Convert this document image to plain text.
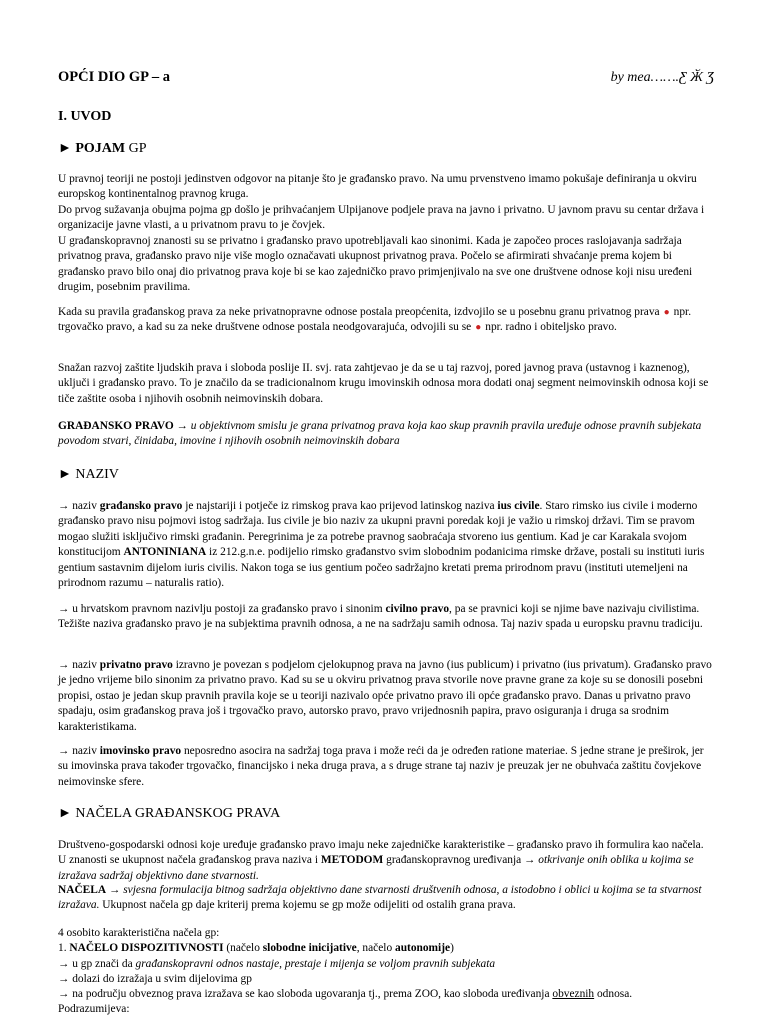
OPĆI DIO GP – a	by mea…….Ƹ Ӂ Ʒ
I. UVOD
► POJAM GP

U pravnoj teoriji ne postoji jedinstven odgovor na pitanje što je građansko pravo. Na umu prvenstveno imamo pokušaje definiranja u okviru europskog kontinentalnog pravnog kruga.

Do prvog sužavanja obujma pojma gp došlo je prihvaćanjem Ulpijanove podjele prava na javno i privatno. U javnom pravu su centar država i organizacije javne vlasti, a u privatnom pravu to je čovjek.

U građanskopravnoj znanosti su se privatno i građansko pravo upotrebljavali kao sinonimi. Kada je započeo proces raslojavanja sadržaja privatnog prava, građansko pravo nije više moglo označavati ukupnost privatnog prava. Počelo se afirmirati shvaćanje prema kojem bi građansko pravo bilo onaj dio privatnog prava koje bi se kao zajedničko pravo primjenjivalo na sve one društvene odnose koji nisu uređeni drugim, posebnim pravilima.

Kada su pravila građanskog prava za neke privatnopravne odnose postala preopćenita, izdvojilo se u posebnu granu privatnog prava ● npr. trgovačko pravo, a kad su za neke društvene odnose postala neodgovarajuća, odvojili su se ● npr. radno i obiteljsko pravo.

Snažan razvoj zaštite ljudskih prava i sloboda poslije II. svj. rata zahtjevao je da se u taj razvoj, pored javnog prava (ustavnog i kaznenog), uključi i građansko pravo. To je značilo da se tradicionalnom krugu imovinskih odnosa mora dodati onaj segment neimovinskih odnosa koji se tiče zaštite osoba i njihovih osobnih neimovinskih dobara.

GRAĐANSKO PRAVO → u objektivnom smislu je grana privatnog prava koja kao skup pravnih pravila uređuje odnose pravnih subjekata povodom stvari, činidaba, imovine i njihovih osobnih neimovinskih dobara

► NAZIV

→ naziv građansko pravo je najstariji i potječe iz rimskog prava kao prijevod latinskog naziva ius civile. Staro rimsko ius civile i moderno građansko pravo nisu pojmovi istog sadržaja. Ius civile je bio naziv za ukupni pravni poredak koji je važio u rimskoj državi. Tim se pravom mogao služiti isključivo rimski građanin. Peregrinima je za potrebe pravnog saobraćaja stvoreno ius gentium. Kad je car Karakala svojom konstitucijom ANTONINIANA iz 212.g.n.e. podijelio rimsko građanstvo svim slobodnim podanicima rimske države, postali su instituti iuris gentium sastavnim dijelom iuris civilis. Nakon toga se ius gentium počeo sadržajno kretati prema prirodnom pravu (instituti utemeljeni na prirodnom razumu – naturalis ratio).

→ u hrvatskom pravnom nazivlju postoji za građansko pravo i sinonim civilno pravo, pa se pravnici koji se njime bave nazivaju civilistima. Težište naziva građansko pravo je na subjektima pravnih odnosa, a ne na sadržaju samih odnosa. Taj naziv spada u europsku pravnu tradiciju.

→ naziv privatno pravo izravno je povezan s podjelom cjelokupnog prava na javno (ius publicum) i privatno (ius privatum). Građansko pravo je jedno vrijeme bilo sinonim za privatno pravo. Kad su se u okviru privatnog prava stvorile nove pravne grane za koje su se donosili posebni propisi, ostao je jedan skup pravnih pravila koje se u teoriji nazivalo opće privatno pravo ili opće građansko pravo. Danas u privatno pravo spadaju, osim građanskog prava još i trgovačko pravo, autorsko pravo, pravo vrijednosnih papira, pravo osiguranja i druga sa srodnim karakteristikama.

→ naziv imovinsko pravo neposredno asocira na sadržaj toga prava i može reći da je određen ratione materiae. S jedne strane je preširok, jer su imovinska prava također trgovačko, financijsko i neka druga prava, a s druge strane taj naziv je preuzak jer ne obuhvaća zaštitu čovjekove neimovinske sfere.

► NAČELA GRAĐANSKOG PRAVA

Društveno-gospodarski odnosi koje uređuje građansko pravo imaju neke zajedničke karakteristike – građansko pravo ih formulira kao načela. U znanosti se ukupnost načela građanskog prava naziva i METODOM građanskopravnog uređivanja → otkrivanje onih oblika u kojima se izražava sadržaj objektivno dane stvarnosti.

NAČELA → svjesna formulacija bitnog sadržaja objektivno dane stvarnosti društvenih odnosa, a istodobno i oblici u kojima se ta stvarnost izražava. Ukupnost načela gp daje kriterij prema kojemu se gp može odijeliti od ostalih grana prava.

4 osobito karakteristična načela gp:

1. NAČELO DISPOZITIVNOSTI (načelo slobodne inicijative, načelo autonomije)

→ u gp znači da građanskopravni odnos nastaje, prestaje i mijenja se voljom pravnih subjekata

→ dolazi do izražaja u svim dijelovima gp

→ na području obveznog prava izražava se kao sloboda ugovaranja tj., prema ZOO, kao sloboda uređivanja obveznih odnosa.

Podrazumijeva:
